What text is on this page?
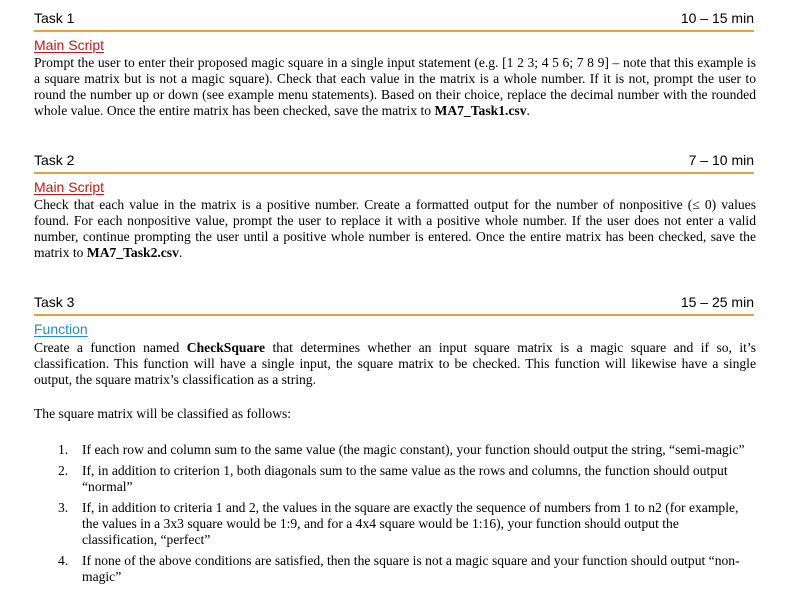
Task 1	10 – 15 min
Main Script
Prompt the user to enter their proposed magic square in a single input statement (e.g. [1 2 3; 4 5 6; 7 8 9] – note that this example is a square matrix but is not a magic square). Check that each value in the matrix is a whole number. If it is not, prompt the user to round the number up or down (see example menu statements). Based on their choice, replace the decimal number with the rounded whole value. Once the entire matrix has been checked, save the matrix to MA7_Task1.csv.
Task 2	7 – 10 min
Main Script
Check that each value in the matrix is a positive number. Create a formatted output for the number of nonpositive (≤ 0) values found. For each nonpositive value, prompt the user to replace it with a positive whole number. If the user does not enter a valid number, continue prompting the user until a positive whole number is entered. Once the entire matrix has been checked, save the matrix to MA7_Task2.csv.
Task 3	15 – 25 min
Function
Create a function named CheckSquare that determines whether an input square matrix is a magic square and if so, it’s classification. This function will have a single input, the square matrix to be checked. This function will likewise have a single output, the square matrix’s classification as a string.
The square matrix will be classified as follows:
1. If each row and column sum to the same value (the magic constant), your function should output the string, “semi-magic”
2. If, in addition to criterion 1, both diagonals sum to the same value as the rows and columns, the function should output “normal”
3. If, in addition to criteria 1 and 2, the values in the square are exactly the sequence of numbers from 1 to n2 (for example, the values in a 3x3 square would be 1:9, and for a 4x4 square would be 1:16), your function should output the classification, “perfect”
4. If none of the above conditions are satisfied, then the square is not a magic square and your function should output “non-magic”
